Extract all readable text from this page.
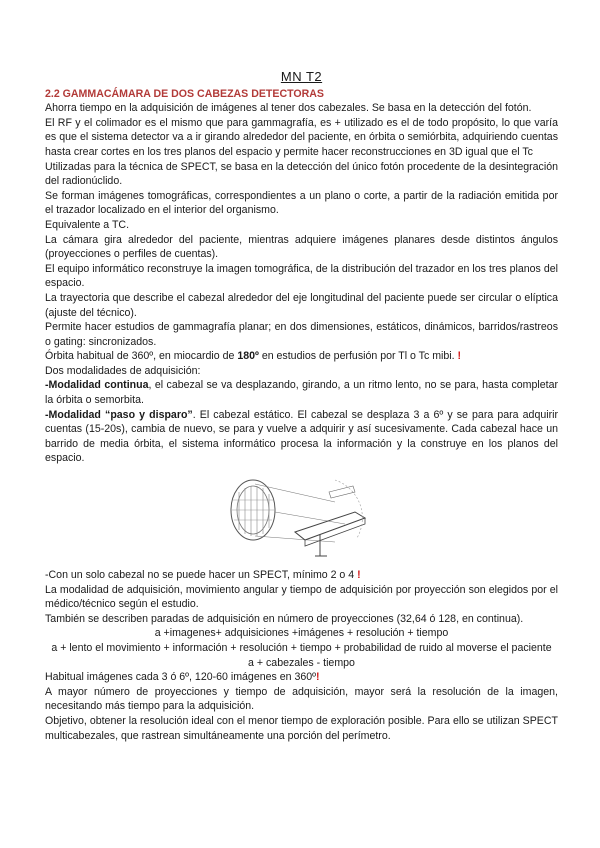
MN T2

2.2 GAMMACÁMARA DE DOS CABEZAS DETECTORAS

Ahorra tiempo en la adquisición de imágenes al tener dos cabezales. Se basa en la detección del fotón.

El RF y el colimador es el mismo que para gammagrafía, es + utilizado es el de todo propósito, lo que varía es que el sistema detector va a ir girando alrededor del paciente, en órbita o semiórbita, adquiriendo cuentas hasta crear cortes en los tres planos del espacio y permite hacer reconstrucciones en 3D igual que el Tc

Utilizadas para la técnica de SPECT, se basa en la detección del único fotón procedente de la desintegración del radionúclido.

Se forman imágenes tomográficas, correspondientes a un plano o corte, a partir de la radiación emitida por el trazador localizado en el interior del organismo.

Equivalente a TC.

La cámara gira alrededor del paciente, mientras adquiere imágenes planares desde distintos ángulos (proyecciones o perfiles de cuentas).

El equipo informático reconstruye la imagen tomográfica, de la distribución del trazador en los tres planos del espacio.

La trayectoria que describe el cabezal alrededor del eje longitudinal del paciente puede ser circular o elíptica (ajuste del técnico).

Permite hacer estudios de gammagrafía planar; en dos dimensiones, estáticos, dinámicos, barridos/rastreos o gating: sincronizados.

Órbita habitual de 360º, en miocardio de 180º en estudios de perfusión por Tl o Tc mibi. !

Dos modalidades de adquisición:

-Modalidad continua, el cabezal se va desplazando, girando, a un ritmo lento, no se para, hasta completar la órbita o semorbita.

-Modalidad “paso y disparo”. El cabezal estático. El cabezal se desplaza 3 a 6º y se para para adquirir cuentas (15-20s), cambia de nuevo, se para y vuelve a adquirir y así sucesivamente. Cada cabezal hace un barrido de media órbita, el sistema informático procesa la información y la construye en los planos del espacio.

-Con un solo cabezal no se puede hacer un SPECT, mínimo 2 o 4 !

La modalidad de adquisición, movimiento angular y tiempo de adquisición por proyección son elegidos por el médico/técnico según el estudio.

También se describen paradas de adquisición en número de proyecciones (32,64 ó 128, en continua).

a +imagenes+ adquisiciones +imágenes + resolución + tiempo

a + lento el movimiento + información + resolución + tiempo + probabilidad de ruido al moverse el paciente

a + cabezales - tiempo

Habitual imágenes cada 3 ó 6º, 120-60 imágenes en 360º!

A mayor número de proyecciones y tiempo de adquisición, mayor será la resolución de la imagen, necesitando más tiempo para la adquisición.

Objetivo, obtener la resolución ideal con el menor tiempo de exploración posible. Para ello se utilizan SPECT multicabezales, que rastrean simultáneamente una porción del perímetro.
